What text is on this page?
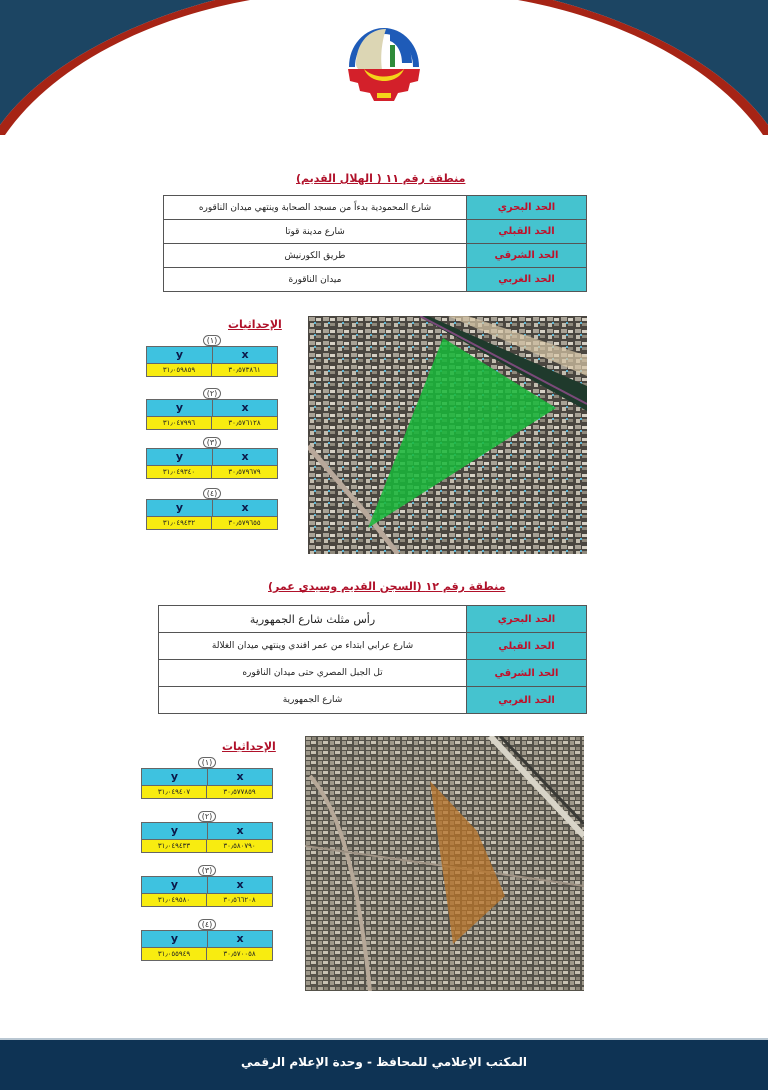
منطقة رقم ١١ ( الهلال القديم)
الحد البحري	شارع المحمودية بدءاً من مسجد الصحابة وينتهي ميدان الناقوره
الحد القبلي	شارع مدينة قوتا
الحد الشرقي	طريق الكورنيش
الحد الغربي	ميدان الناقورة
الإحداثيات
(١)
y	x
٣١٫٠٥٩٨٥٩	٣٠٫٥٧٣٨٦١
(٢)
y	x
٣١٫٠٤٧٩٩٦	٣٠٫٥٧٦١٢٨
(٣)
y	x
٣١٫٠٤٩٣٤٠	٣٠٫٥٧٩٦٧٩
(٤)
y	x
٣١٫٠٤٩٤٣٢	٣٠٫٥٧٩٦٥٥
منطقة رقم ١٢ (السجن القديم وسيدي عمر)
الحد البحري	رأس مثلث شارع الجمهورية
الحد القبلي	شارع عرابي ابتداء من عمر افندي وينتهي ميدان الغلالة
الحد الشرقي	تل الجبل المصري حتى ميدان الناقوره
الحد الغربي	شارع الجمهورية
الإحداثيات
(١)
y	x
٣١٫٠٤٩٤٠٧	٣٠٫٥٧٧٨٥٩
(٢)
y	x
٣١٫٠٤٩٤٣٣	٣٠٫٥٨٠٧٩٠
(٣)
y	x
٣١٫٠٤٩٥٨٠	٣٠٫٥٦٦٢٠٨
(٤)
y	x
٣١٫٠٥٥٩٤٩	٣٠٫٥٧٠٠٥٨
المكتب الإعلامي للمحافظ - وحدة الإعلام الرقمي
